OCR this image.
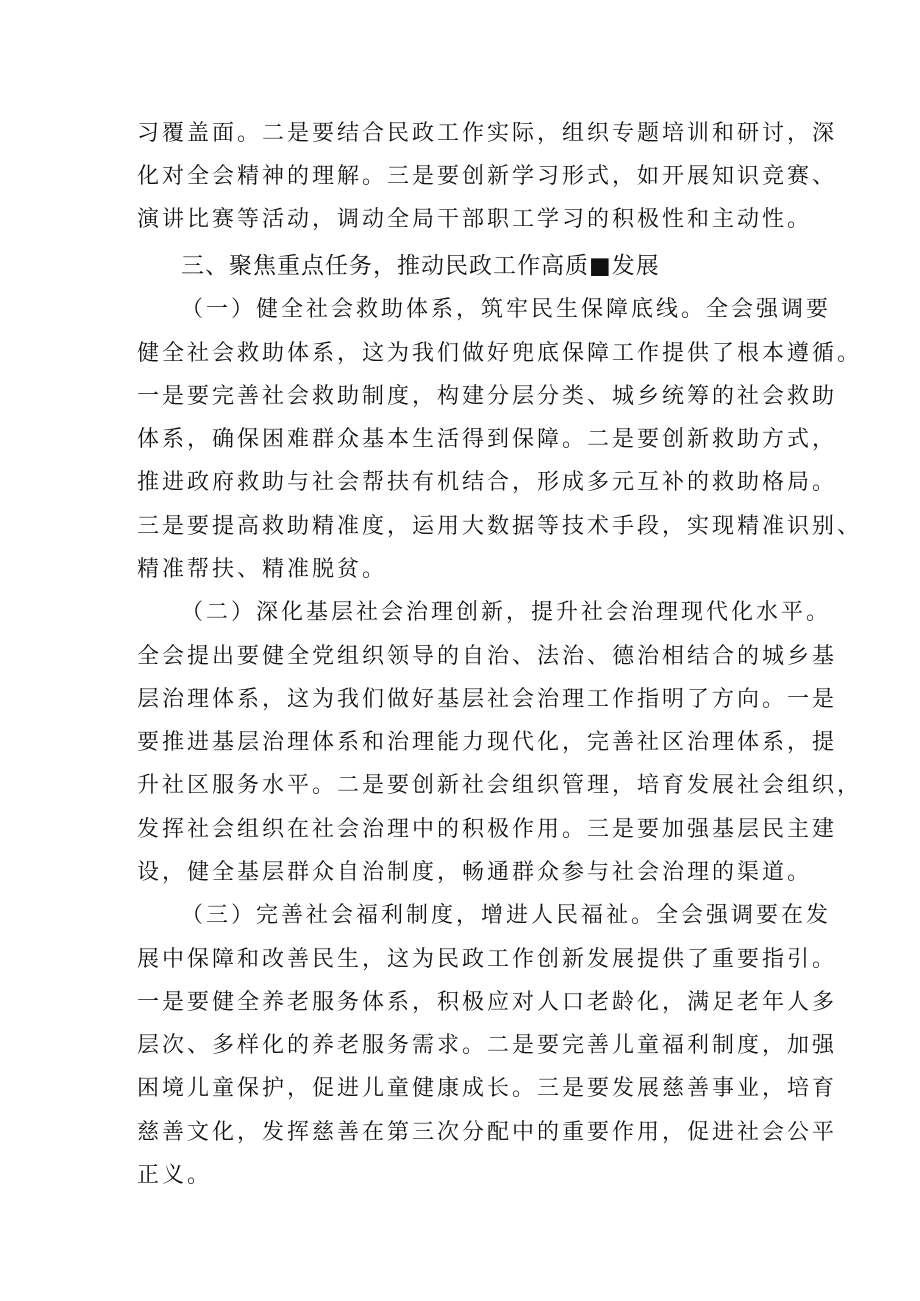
习覆盖面。二是要结合民政工作实际，组织专题培训和研讨，深
化对全会精神的理解。三是要创新学习形式，如开展知识竞赛、
演讲比赛等活动，调动全局干部职工学习的积极性和主动性。
三、聚焦重点任务，推动民政工作高质■发展
（一）健全社会救助体系，筑牢民生保障底线。全会强调要
健全社会救助体系，这为我们做好兜底保障工作提供了根本遵循。
一是要完善社会救助制度，构建分层分类、城乡统筹的社会救助
体系，确保困难群众基本生活得到保障。二是要创新救助方式，
推进政府救助与社会帮扶有机结合，形成多元互补的救助格局。
三是要提高救助精准度，运用大数据等技术手段，实现精准识别、
精准帮扶、精准脱贫。
（二）深化基层社会治理创新，提升社会治理现代化水平。
全会提出要健全党组织领导的自治、法治、德治相结合的城乡基
层治理体系，这为我们做好基层社会治理工作指明了方向。一是
要推进基层治理体系和治理能力现代化，完善社区治理体系，提
升社区服务水平。二是要创新社会组织管理，培育发展社会组织，
发挥社会组织在社会治理中的积极作用。三是要加强基层民主建
设，健全基层群众自治制度，畅通群众参与社会治理的渠道。
（三）完善社会福利制度，增进人民福祉。全会强调要在发
展中保障和改善民生，这为民政工作创新发展提供了重要指引。
一是要健全养老服务体系，积极应对人口老龄化，满足老年人多
层次、多样化的养老服务需求。二是要完善儿童福利制度，加强
困境儿童保护，促进儿童健康成长。三是要发展慈善事业，培育
慈善文化，发挥慈善在第三次分配中的重要作用，促进社会公平
正义。
